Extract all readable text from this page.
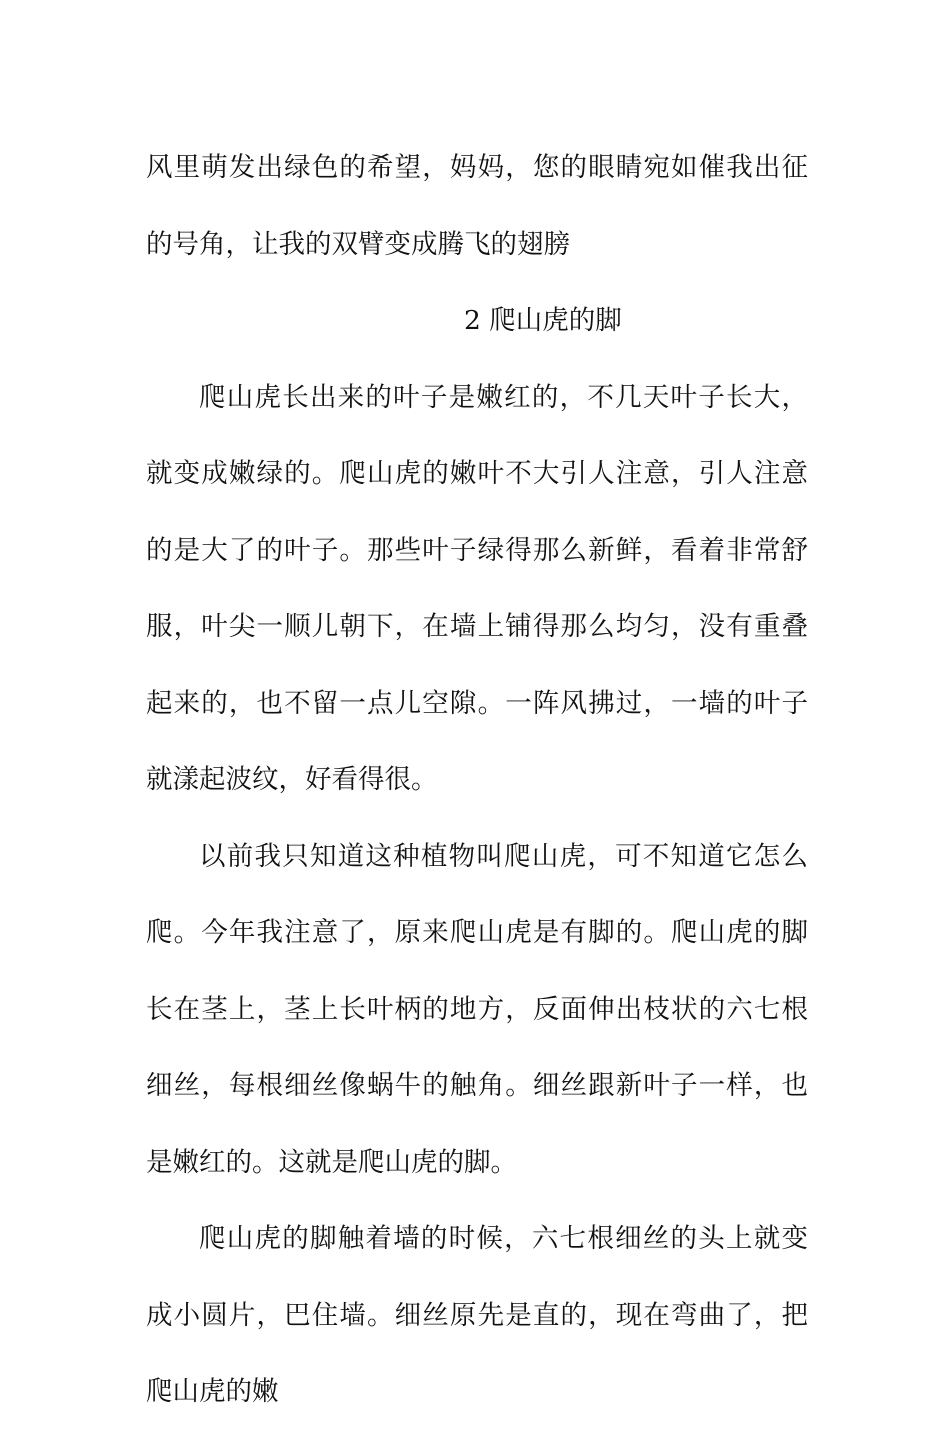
风里萌发出绿色的希望，妈妈，您的眼睛宛如催我出征的号角，让我的双臂变成腾飞的翅膀

2 爬山虎的脚

爬山虎长出来的叶子是嫩红的，不几天叶子长大，就变成嫩绿的。爬山虎的嫩叶不大引人注意，引人注意的是大了的叶子。那些叶子绿得那么新鲜，看着非常舒服，叶尖一顺儿朝下，在墙上铺得那么均匀，没有重叠起来的，也不留一点儿空隙。一阵风拂过，一墙的叶子就漾起波纹，好看得很。

以前我只知道这种植物叫爬山虎，可不知道它怎么爬。今年我注意了，原来爬山虎是有脚的。爬山虎的脚长在茎上，茎上长叶柄的地方，反面伸出枝状的六七根细丝，每根细丝像蜗牛的触角。细丝跟新叶子一样，也是嫩红的。这就是爬山虎的脚。

爬山虎的脚触着墙的时候，六七根细丝的头上就变成小圆片，巴住墙。细丝原先是直的，现在弯曲了，把爬山虎的嫩
